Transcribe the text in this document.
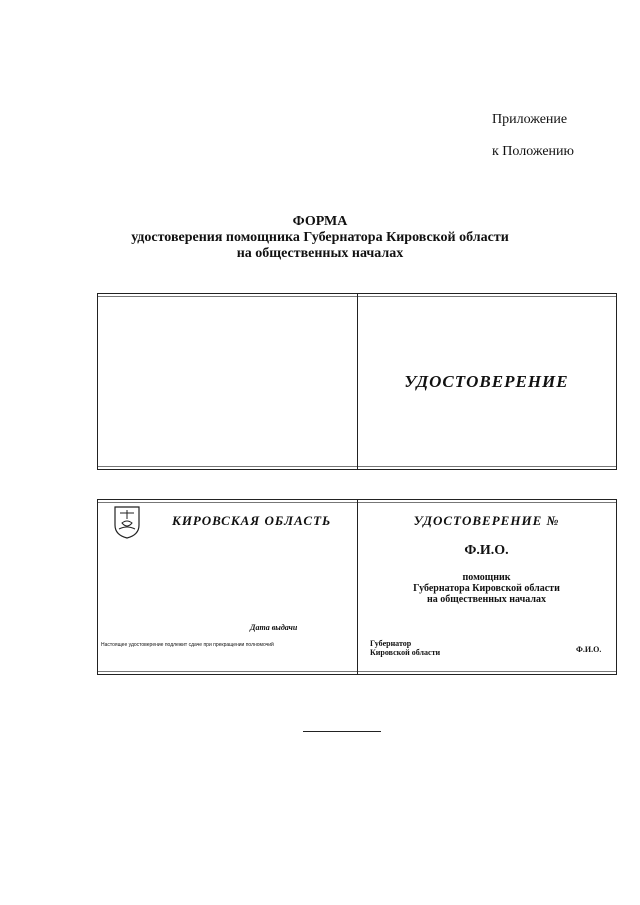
Приложение
к Положению
ФОРМА
удостоверения помощника Губернатора Кировской области
на общественных началах
УДОСТОВЕРЕНИЕ
КИРОВСКАЯ ОБЛАСТЬ
Дата выдачи
Настоящее удостоверение подлежит сдаче при прекращении полномочий
УДОСТОВЕРЕНИЕ №
Ф.И.О.
помощник
Губернатора Кировской области
на общественных началах
Губернатор
Кировской области	Ф.И.О.
